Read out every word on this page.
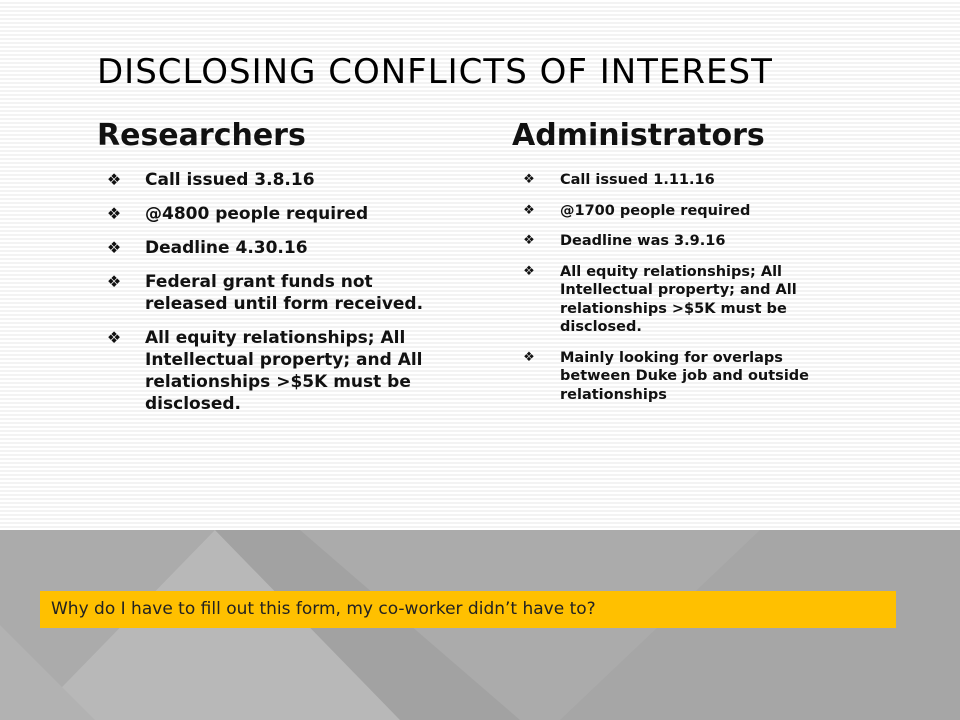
DISCLOSING CONFLICTS OF INTEREST
Researchers
❖ Call issued 3.8.16
❖ @4800 people required
❖ Deadline 4.30.16
❖ Federal grant funds not released until form received.
❖ All equity relationships; All Intellectual property; and All relationships >$5K must be disclosed.
Administrators
❖ Call issued 1.11.16
❖ @1700 people required
❖ Deadline was 3.9.16
❖ All equity relationships; All Intellectual property; and All relationships >$5K must be disclosed.
❖ Mainly looking for overlaps between Duke job and outside relationships
Why do I have to fill out this form, my co-worker didn’t have to?
